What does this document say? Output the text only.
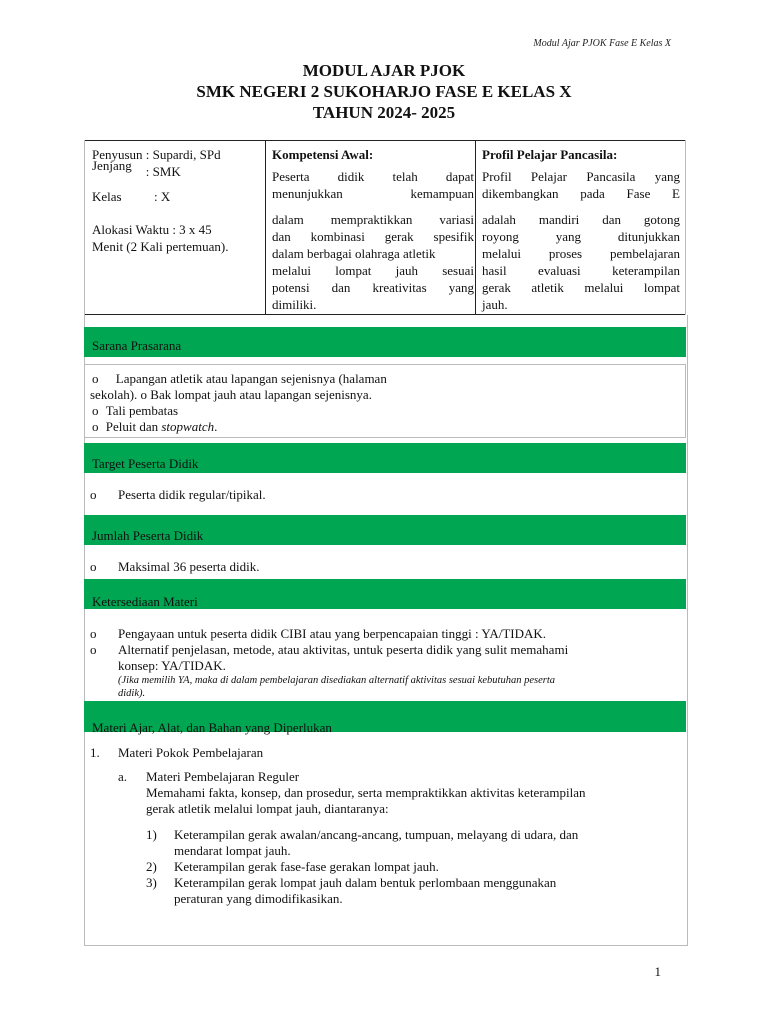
Modul Ajar PJOK Fase E Kelas X
MODUL AJAR PJOK
SMK NEGERI 2 SUKOHARJO FASE E KELAS X
TAHUN 2024- 2025
Penyusun : Supardi, SPd
Jenjang : SMK
Kelas	: X
Alokasi Waktu : 3 x 45
Menit (2 Kali pertemuan).
Kompetensi Awal:
Peserta didik telah dapat
menunjukkan kemampuan
dalam mempraktikkan variasi
dan kombinasi gerak spesifik
dalam berbagai olahraga atletik
melalui lompat jauh sesuai
potensi dan kreativitas yang
dimiliki.
Profil Pelajar Pancasila:
Profil Pelajar Pancasila yang
dikembangkan pada Fase E
adalah mandiri dan gotong
royong yang ditunjukkan
melalui proses pembelajaran
hasil evaluasi keterampilan
gerak atletik melalui lompat
jauh.
Sarana Prasarana
o Lapangan atletik atau lapangan sejenisnya (halaman
sekolah). o Bak lompat jauh atau lapangan sejenisnya.
o Tali pembatas
o Peluit dan stopwatch.
Target Peserta Didik
o	Peserta didik regular/tipikal.
Jumlah Peserta Didik
o	Maksimal 36 peserta didik.
Ketersediaan Materi
o	Pengayaan untuk peserta didik CIBI atau yang berpencapaian tinggi : YA/TIDAK.
o	Alternatif penjelasan, metode, atau aktivitas, untuk peserta didik yang sulit memahami
konsep: YA/TIDAK.
(Jika memilih YA, maka di dalam pembelajaran disediakan alternatif aktivitas sesuai kebutuhan peserta
didik).
Materi Ajar, Alat, dan Bahan yang Diperlukan
1.	Materi Pokok Pembelajaran
a.	Materi Pembelajaran Reguler
Memahami fakta, konsep, dan prosedur, serta mempraktikkan aktivitas keterampilan
gerak atletik melalui lompat jauh, diantaranya:
1)	Keterampilan gerak awalan/ancang-ancang, tumpuan, melayang di udara, dan
mendarat lompat jauh.
2)	Keterampilan gerak fase-fase gerakan lompat jauh.
3)	Keterampilan gerak lompat jauh dalam bentuk perlombaan menggunakan
peraturan yang dimodifikasikan.
1
